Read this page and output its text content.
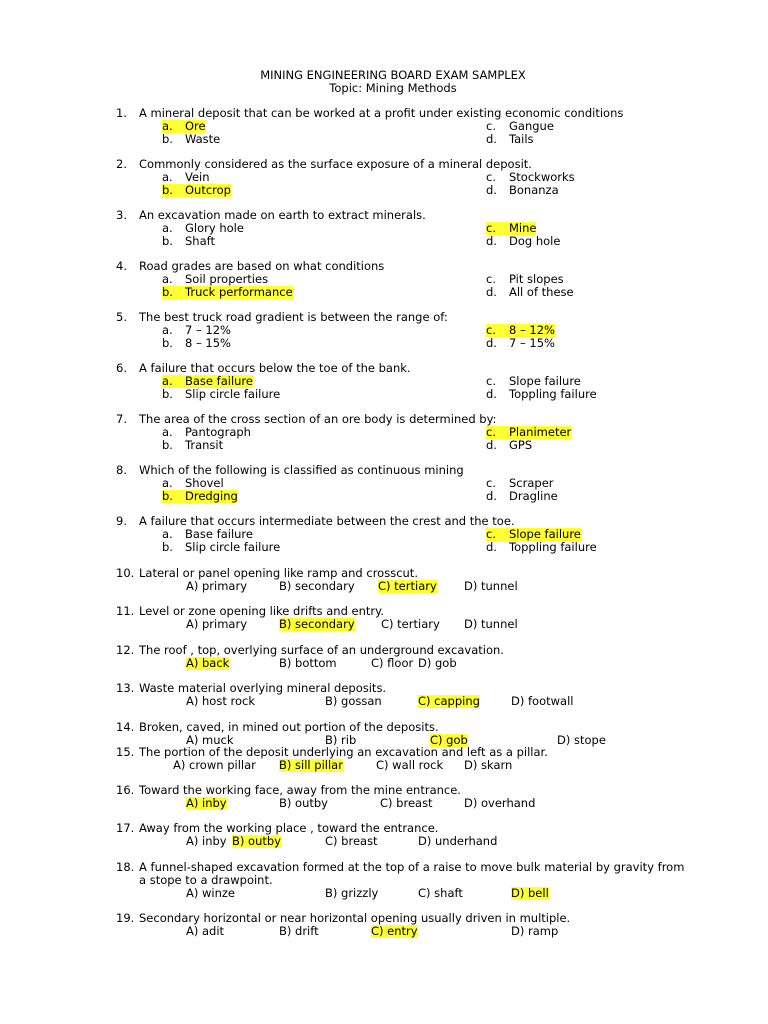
MINING ENGINEERING BOARD EXAM SAMPLEX
Topic: Mining Methods
1. A mineral deposit that can be worked at a profit under existing economic conditions
a. Ore
b. Waste
c. Gangue
d. Tails
2. Commonly considered as the surface exposure of a mineral deposit.
a. Vein
b. Outcrop
c. Stockworks
d. Bonanza
3. An excavation made on earth to extract minerals.
a. Glory hole
b. Shaft
c. Mine
d. Dog hole
4. Road grades are based on what conditions
a. Soil properties
b. Truck performance
c. Pit slopes
d. All of these
5. The best truck road gradient is between the range of:
a. 7 – 12%
b. 8 – 15%
c. 8 – 12%
d. 7 – 15%
6. A failure that occurs below the toe of the bank.
a. Base failure
b. Slip circle failure
c. Slope failure
d. Toppling failure
7. The area of the cross section of an ore body is determined by:
a. Pantograph
b. Transit
c. Planimeter
d. GPS
8. Which of the following is classified as continuous mining
a. Shovel
b. Dredging
c. Scraper
d. Dragline
9. A failure that occurs intermediate between the crest and the toe.
a. Base failure
b. Slip circle failure
c. Slope failure
d. Toppling failure
10. Lateral or panel opening like ramp and crosscut.
A) primary	B) secondary C) tertiary D) tunnel
11. Level or zone opening like drifts and entry.
A) primary	B) secondary C) tertiary D) tunnel
12. The roof , top, overlying surface of an underground excavation.
A) back	B) bottom	C) floor D) gob
13. Waste material overlying mineral deposits.
A) host rock	B) gossan	C) capping	D) footwall
14. Broken, caved, in mined out portion of the deposits.
A) muck	B) rib	C) gob	D) stope
15. The portion of the deposit underlying an excavation and left as a pillar.
A) crown pillar B) sill pillar	C) wall rock D) skarn
16. Toward the working face, away from the mine entrance.
A) inby	B) outby	C) breast	D) overhand
17. Away from the working place , toward the entrance.
A) inby B) outby	C) breast	D) underhand
18. A funnel-shaped excavation formed at the top of a raise to move bulk material by gravity from
a stope to a drawpoint.
A) winze	B) grizzly	C) shaft	D) bell
19. Secondary horizontal or near horizontal opening usually driven in multiple.
A) adit	B) drift	C) entry	D) ramp
